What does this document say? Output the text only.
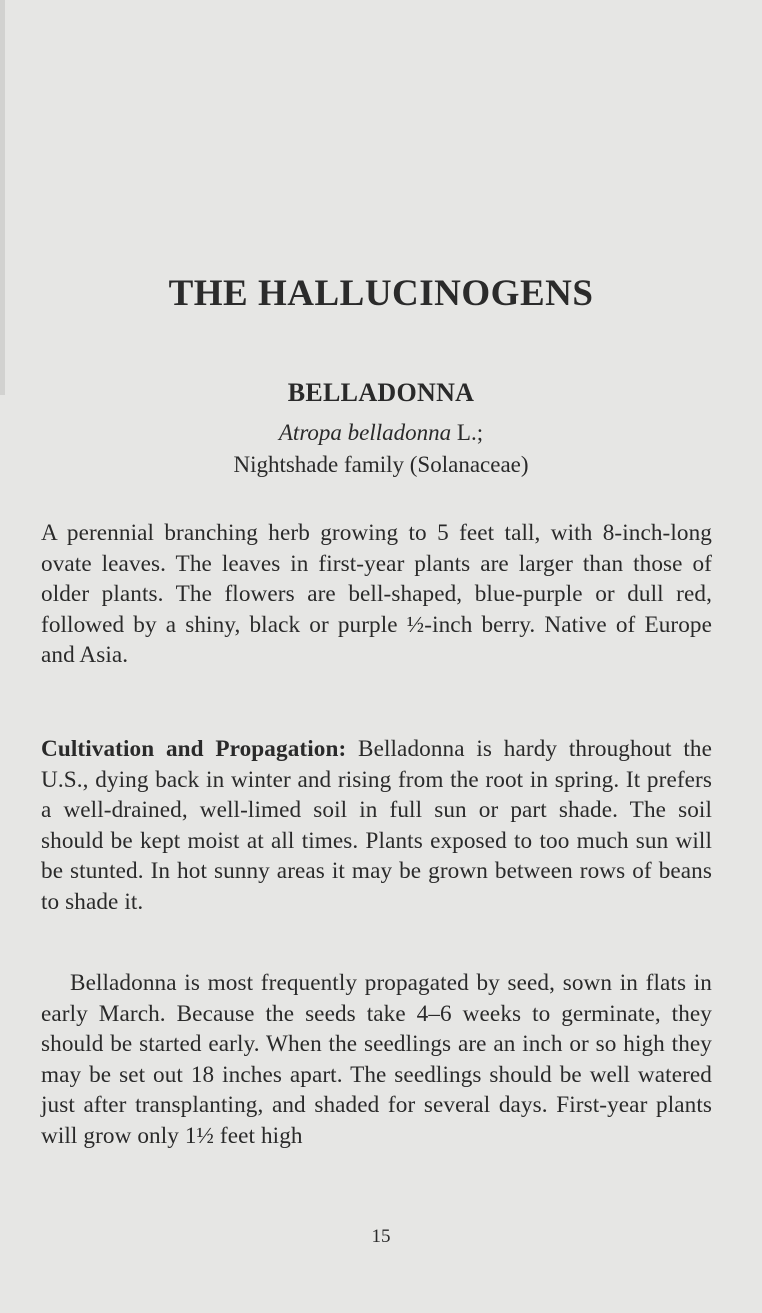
THE HALLUCINOGENS
BELLADONNA
Atropa belladonna L.;
Nightshade family (Solanaceae)

A perennial branching herb growing to 5 feet tall, with 8-inch-long ovate leaves. The leaves in first-year plants are larger than those of older plants. The flowers are bell-shaped, blue-purple or dull red, followed by a shiny, black or purple ½-inch berry. Native of Europe and Asia.

Cultivation and Propagation: Belladonna is hardy throughout the U.S., dying back in winter and rising from the root in spring. It prefers a well-drained, well-limed soil in full sun or part shade. The soil should be kept moist at all times. Plants exposed to too much sun will be stunted. In hot sunny areas it may be grown between rows of beans to shade it.

Belladonna is most frequently propagated by seed, sown in flats in early March. Because the seeds take 4–6 weeks to germinate, they should be started early. When the seedlings are an inch or so high they may be set out 18 inches apart. The seedlings should be well watered just after transplanting, and shaded for several days. First-year plants will grow only 1½ feet high

15
